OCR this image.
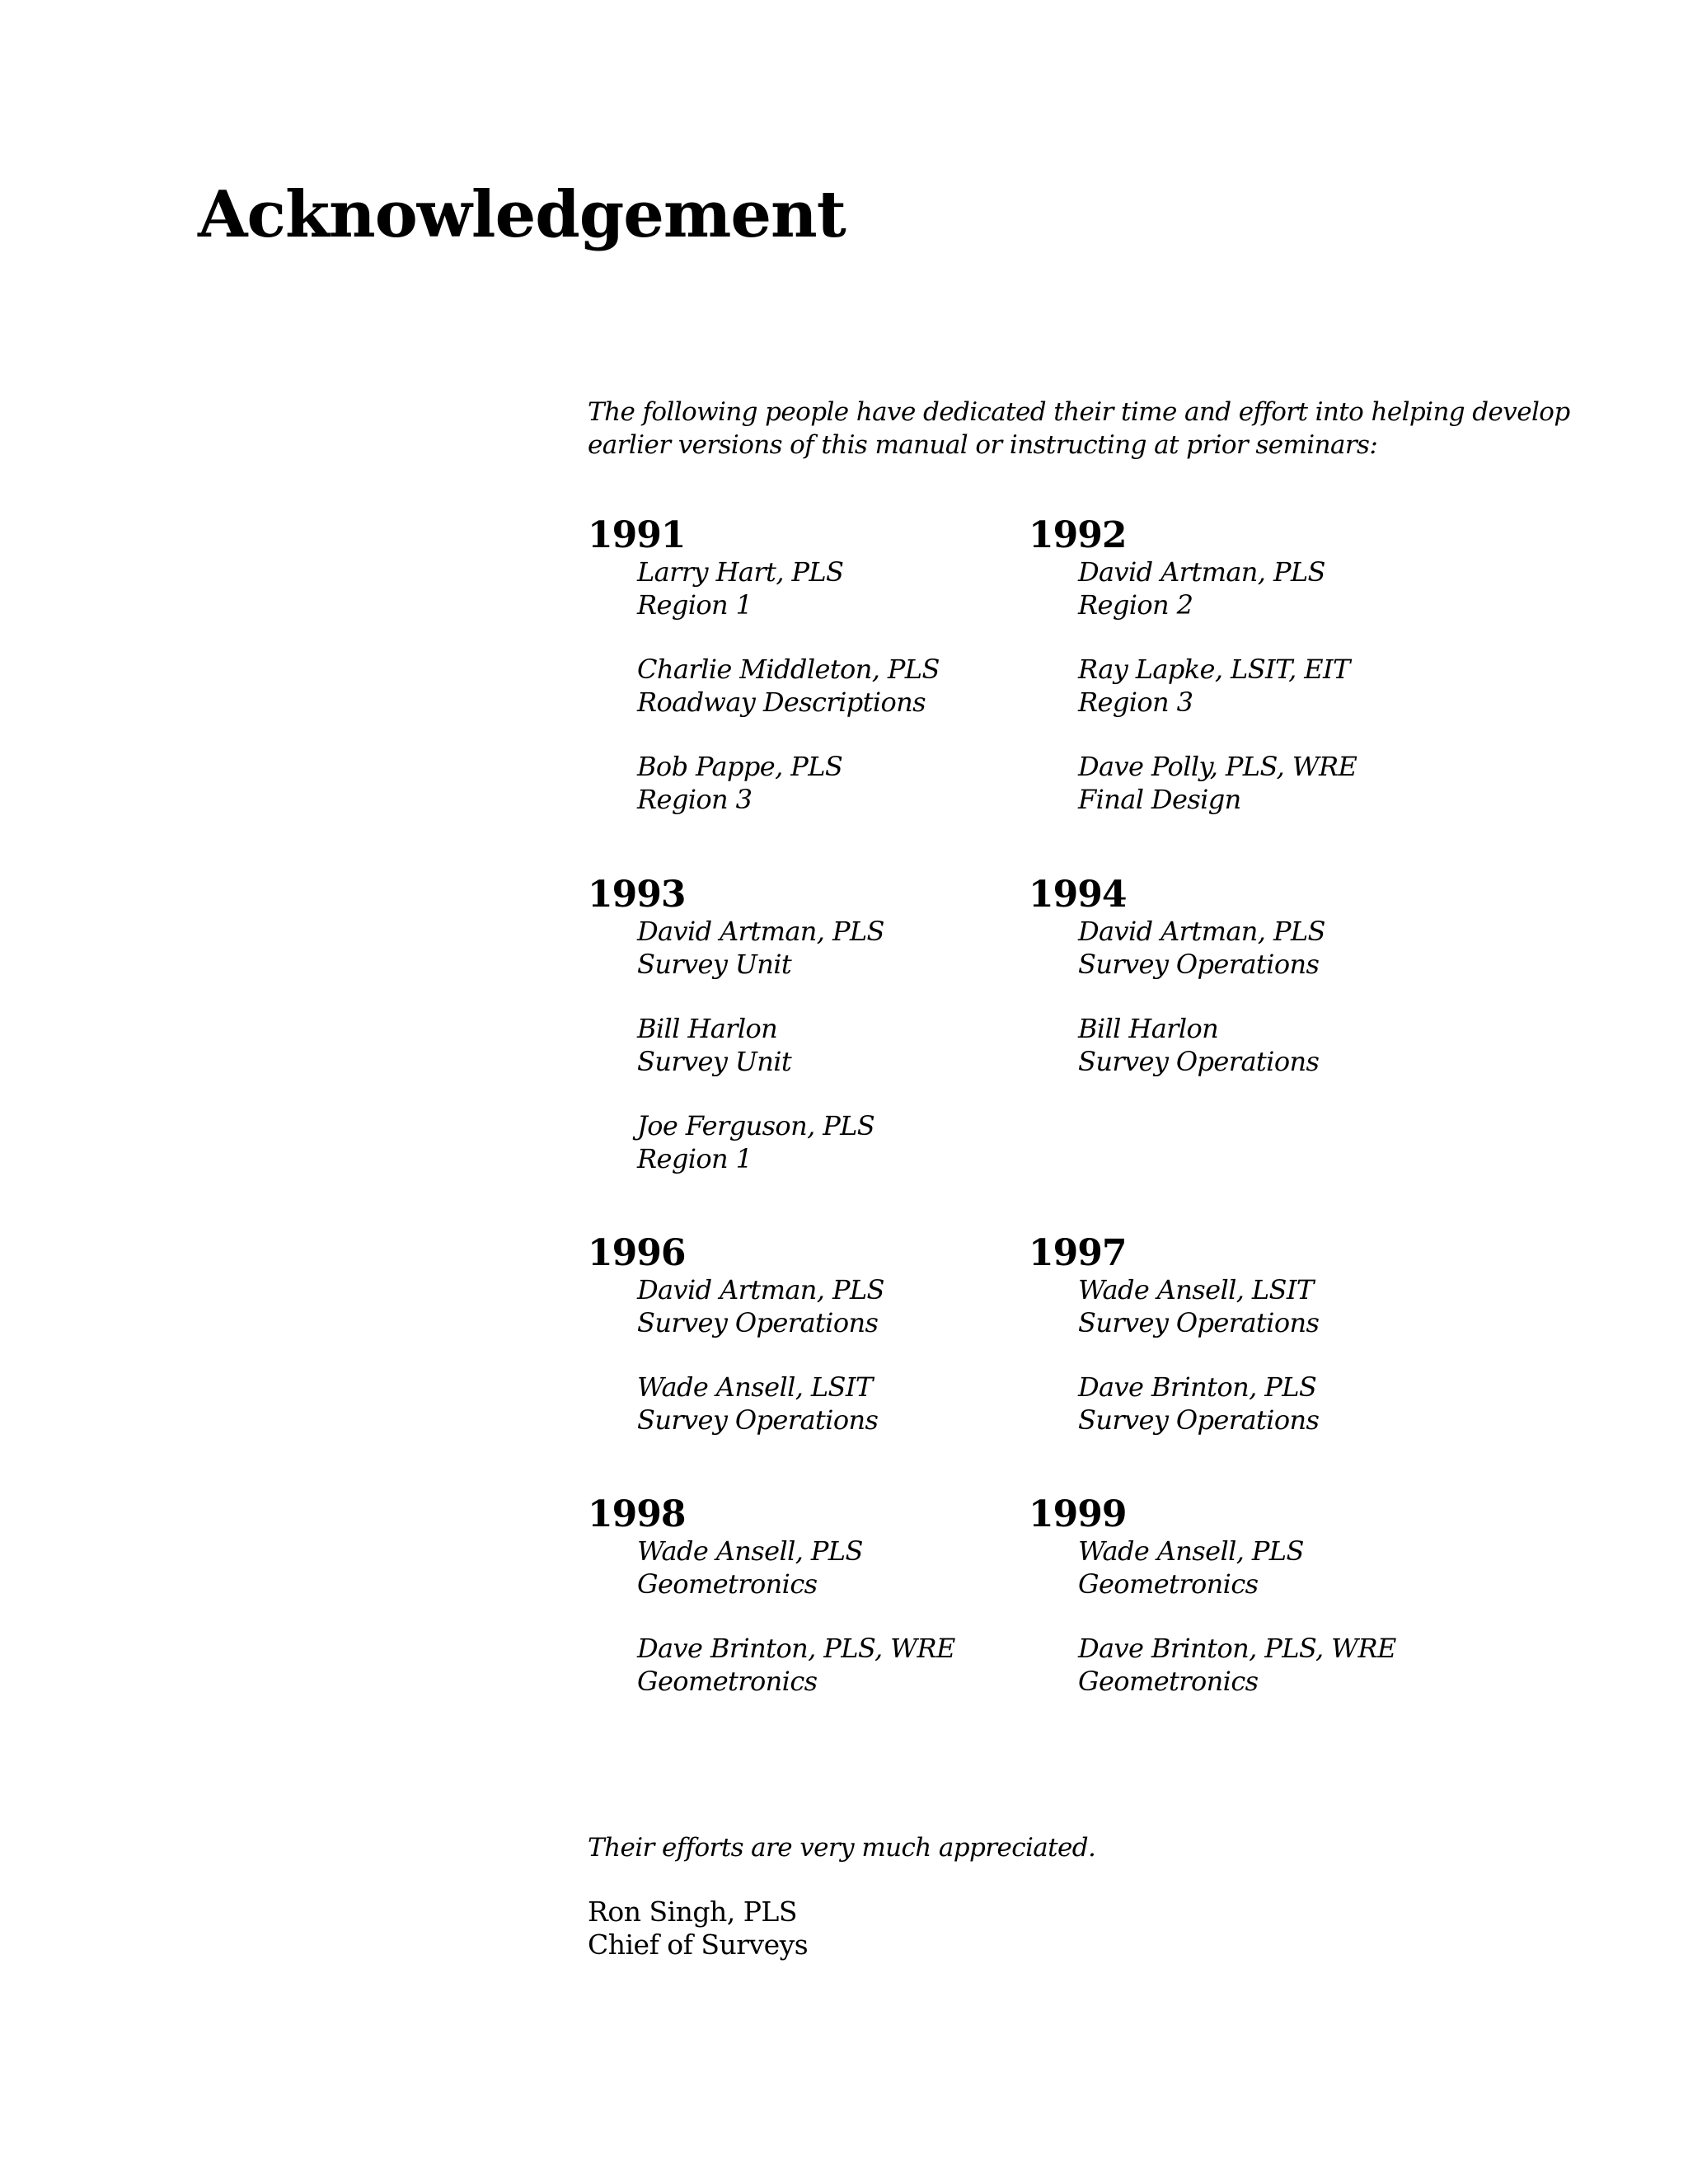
Acknowledgement

The following people have dedicated their time and effort into helping develop
earlier versions of this manual or instructing at prior seminars:

1991
Larry Hart, PLS
Region 1
Charlie Middleton, PLS
Roadway Descriptions
Bob Pappe, PLS
Region 3
1992
David Artman, PLS
Region 2
Ray Lapke, LSIT, EIT
Region 3
Dave Polly, PLS, WRE
Final Design
1993
David Artman, PLS
Survey Unit
Bill Harlon
Survey Unit
Joe Ferguson, PLS
Region 1
1994
David Artman, PLS
Survey Operations
Bill Harlon
Survey Operations
1996
David Artman, PLS
Survey Operations
Wade Ansell, LSIT
Survey Operations
1997
Wade Ansell, LSIT
Survey Operations
Dave Brinton, PLS
Survey Operations
1998
Wade Ansell, PLS
Geometronics
Dave Brinton, PLS, WRE
Geometronics
1999
Wade Ansell, PLS
Geometronics
Dave Brinton, PLS, WRE
Geometronics

Their efforts are very much appreciated.

Ron Singh, PLS
Chief of Surveys
